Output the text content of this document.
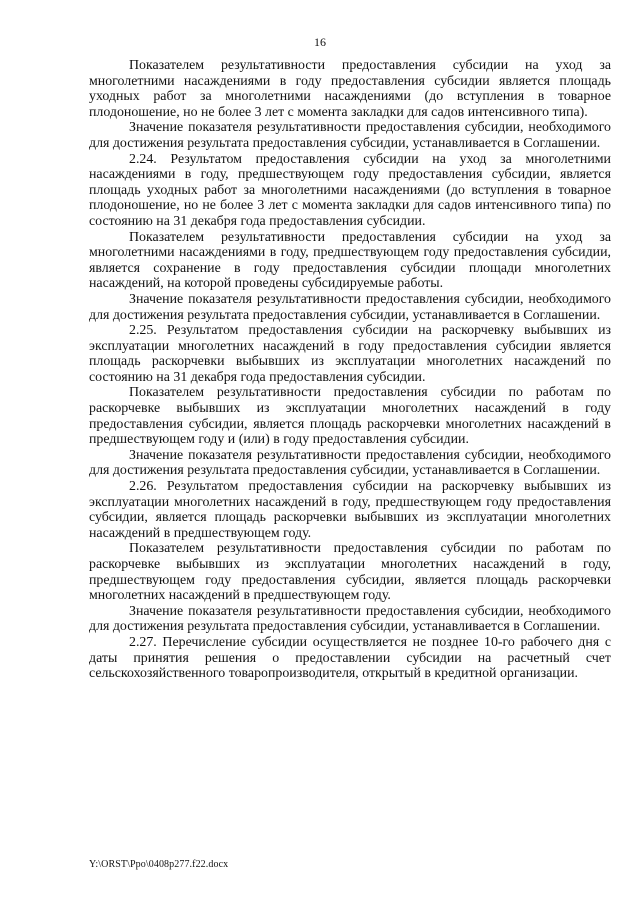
16

Показателем результативности предоставления субсидии на уход за многолетними насаждениями в году предоставления субсидии является площадь уходных работ за многолетними насаждениями (до вступления в товарное плодоношение, но не более 3 лет с момента закладки для садов интенсивного типа).

Значение показателя результативности предоставления субсидии, необходимого для достижения результата предоставления субсидии, устанавливается в Соглашении.

2.24. Результатом предоставления субсидии на уход за многолетними насаждениями в году, предшествующем году предоставления субсидии, является площадь уходных работ за многолетними насаждениями (до вступления в товарное плодоношение, но не более 3 лет с момента закладки для садов интенсивного типа) по состоянию на 31 декабря года предоставления субсидии.

Показателем результативности предоставления субсидии на уход за многолетними насаждениями в году, предшествующем году предоставления субсидии, является сохранение в году предоставления субсидии площади многолетних насаждений, на которой проведены субсидируемые работы.

Значение показателя результативности предоставления субсидии, необходимого для достижения результата предоставления субсидии, устанавливается в Соглашении.

2.25. Результатом предоставления субсидии на раскорчевку выбывших из эксплуатации многолетних насаждений в году предоставления субсидии является площадь раскорчевки выбывших из эксплуатации многолетних насаждений по состоянию на 31 декабря года предоставления субсидии.

Показателем результативности предоставления субсидии по работам по раскорчевке выбывших из эксплуатации многолетних насаждений в году предоставления субсидии, является площадь раскорчевки многолетних насаждений в предшествующем году и (или) в году предоставления субсидии.

Значение показателя результативности предоставления субсидии, необходимого для достижения результата предоставления субсидии, устанавливается в Соглашении.

2.26. Результатом предоставления субсидии на раскорчевку выбывших из эксплуатации многолетних насаждений в году, предшествующем году предоставления субсидии, является площадь раскорчевки выбывших из эксплуатации многолетних насаждений в предшествующем году.

Показателем результативности предоставления субсидии по работам по раскорчевке выбывших из эксплуатации многолетних насаждений в году, предшествующем году предоставления субсидии, является площадь раскорчевки многолетних насаждений в предшествующем году.

Значение показателя результативности предоставления субсидии, необходимого для достижения результата предоставления субсидии, устанавливается в Соглашении.

2.27. Перечисление субсидии осуществляется не позднее 10-го рабочего дня с даты принятия решения о предоставлении субсидии на расчетный счет сельскохозяйственного товаропроизводителя, открытый в кредитной организации.

Y:\ORST\Ppo\0408p277.f22.docx
